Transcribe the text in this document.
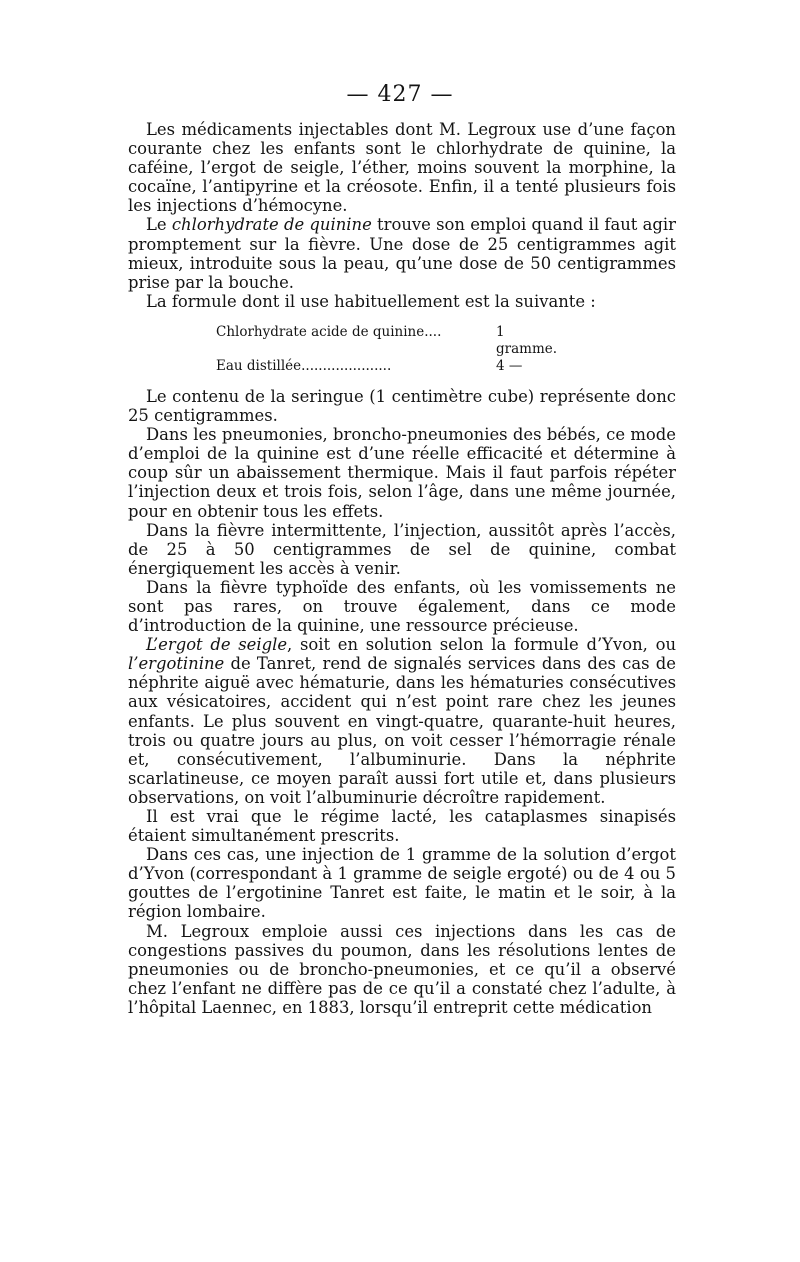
— 427 —

Les médicaments injectables dont M. Legroux use d’une façon courante chez les enfants sont le chlorhydrate de quinine, la caféine, l’ergot de seigle, l’éther, moins souvent la morphine, la cocaïne, l’antipyrine et la créosote. Enfin, il a tenté plusieurs fois les injections d’hémocyne.

Le chlorhydrate de quinine trouve son emploi quand il faut agir promptement sur la fièvre. Une dose de 25 centigrammes agit mieux, introduite sous la peau, qu’une dose de 50 centigrammes prise par la bouche.

La formule dont il use habituellement est la suivante :

Chlorhydrate acide de quinine....	1 gramme.
Eau distillée.....................	4 —

Le contenu de la seringue (1 centimètre cube) représente donc 25 centigrammes.

Dans les pneumonies, broncho-pneumonies des bébés, ce mode d’emploi de la quinine est d’une réelle efficacité et détermine à coup sûr un abaissement thermique. Mais il faut parfois répéter l’injection deux et trois fois, selon l’âge, dans une même journée, pour en obtenir tous les effets.

Dans la fièvre intermittente, l’injection, aussitôt après l’accès, de 25 à 50 centigrammes de sel de quinine, combat énergiquement les accès à venir.

Dans la fièvre typhoïde des enfants, où les vomissements ne sont pas rares, on trouve également, dans ce mode d’introduction de la quinine, une ressource précieuse.

L’ergot de seigle, soit en solution selon la formule d’Yvon, ou l’ergotinine de Tanret, rend de signalés services dans des cas de néphrite aiguë avec hématurie, dans les hématuries consécutives aux vésicatoires, accident qui n’est point rare chez les jeunes enfants. Le plus souvent en vingt-quatre, quarante-huit heures, trois ou quatre jours au plus, on voit cesser l’hémorragie rénale et, consécutivement, l’albuminurie. Dans la néphrite scarlatineuse, ce moyen paraît aussi fort utile et, dans plusieurs observations, on voit l’albuminurie décroître rapidement.

Il est vrai que le régime lacté, les cataplasmes sinapisés étaient simultanément prescrits.

Dans ces cas, une injection de 1 gramme de la solution d’ergot d’Yvon (correspondant à 1 gramme de seigle ergoté) ou de 4 ou 5 gouttes de l’ergotinine Tanret est faite, le matin et le soir, à la région lombaire.

M. Legroux emploie aussi ces injections dans les cas de congestions passives du poumon, dans les résolutions lentes de pneumonies ou de broncho-pneumonies, et ce qu’il a observé chez l’enfant ne diffère pas de ce qu’il a constaté chez l’adulte, à l’hôpital Laennec, en 1883, lorsqu’il entreprit cette médication
